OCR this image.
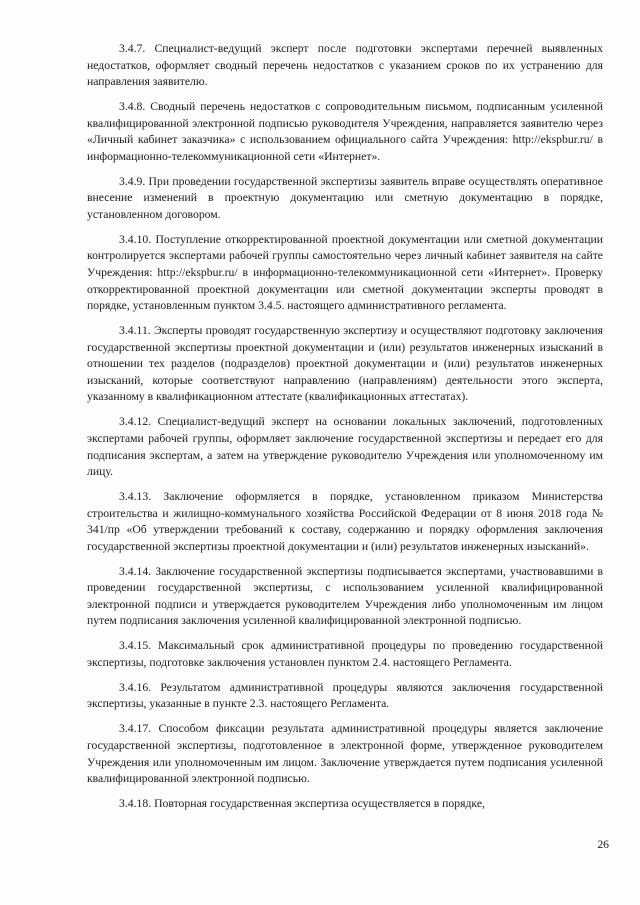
3.4.7. Специалист-ведущий эксперт после подготовки экспертами перечней выявленных недостатков, оформляет сводный перечень недостатков с указанием сроков по их устранению для направления заявителю.

3.4.8. Сводный перечень недостатков с сопроводительным письмом, подписанным усиленной квалифицированной электронной подписью руководителя Учреждения, направляется заявителю через «Личный кабинет заказчика» с использованием официального сайта Учреждения: http://ekspbur.ru/ в информационно-телекоммуникационной сети «Интернет».

3.4.9. При проведении государственной экспертизы заявитель вправе осуществлять оперативное внесение изменений в проектную документацию или сметную документацию в порядке, установленном договором.

3.4.10. Поступление откорректированной проектной документации или сметной документации контролируется экспертами рабочей группы самостоятельно через личный кабинет заявителя на сайте Учреждения: http://ekspbur.ru/ в информационно-телекоммуникационной сети «Интернет». Проверку откорректированной проектной документации или сметной документации эксперты проводят в порядке, установленным пунктом 3.4.5. настоящего административного регламента.

3.4.11. Эксперты проводят государственную экспертизу и осуществляют подготовку заключения государственной экспертизы проектной документации и (или) результатов инженерных изысканий в отношении тех разделов (подразделов) проектной документации и (или) результатов инженерных изысканий, которые соответствуют направлению (направлениям) деятельности этого эксперта, указанному в квалификационном аттестате (квалификационных аттестатах).

3.4.12. Специалист-ведущий эксперт на основании локальных заключений, подготовленных экспертами рабочей группы, оформляет заключение государственной экспертизы и передает его для подписания экспертам, а затем на утверждение руководителю Учреждения или уполномоченному им лицу.

3.4.13. Заключение оформляется в порядке, установленном приказом Министерства строительства и жилищно-коммунального хозяйства Российской Федерации от 8 июня 2018 года № 341/пр «Об утверждении требований к составу, содержанию и порядку оформления заключения государственной экспертизы проектной документации и (или) результатов инженерных изысканий».

3.4.14. Заключение государственной экспертизы подписывается экспертами, участвовавшими в проведении государственной экспертизы, с использованием усиленной квалифицированной электронной подписи и утверждается руководителем Учреждения либо уполномоченным им лицом путем подписания заключения усиленной квалифицированной электронной подписью.

3.4.15. Максимальный срок административной процедуры по проведению государственной экспертизы, подготовке заключения установлен пунктом 2.4. настоящего Регламента.

3.4.16. Результатом административной процедуры являются заключения государственной экспертизы, указанные в пункте 2.3. настоящего Регламента.

3.4.17. Способом фиксации результата административной процедуры является заключение государственной экспертизы, подготовленное в электронной форме, утвержденное руководителем Учреждения или уполномоченным им лицом. Заключение утверждается путем подписания усиленной квалифицированной электронной подписью.

3.4.18. Повторная государственная экспертиза осуществляется в порядке,

26
